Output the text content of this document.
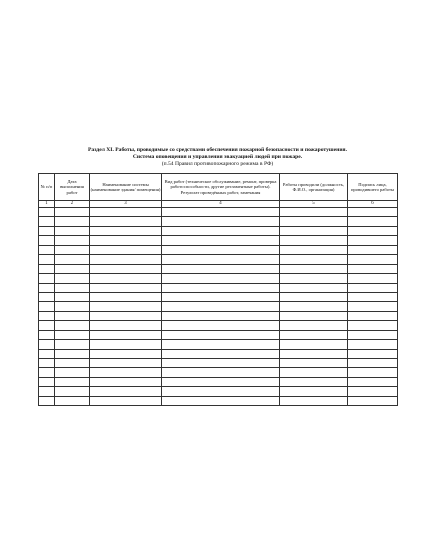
Раздел XI. Работы, проводимые со средствами обеспечения пожарной безопасности и пожаротушения.
Система оповещения и управления эвакуацией людей при пожаре.
(п.54 Правил противопожарного режима в РФ)
№ п/п	Дата выполнения работ	Наименование системы (наименование здания/ помещения)	Вид работ (техническое обслуживание, ремонт, проверка работоспособности, другие регламентные работы). Результат проведённых работ, замечания	Работы проводили (должность, Ф.И.О., организация)	Подпись лица, проводившего работы
1	2	3	4	5	6
